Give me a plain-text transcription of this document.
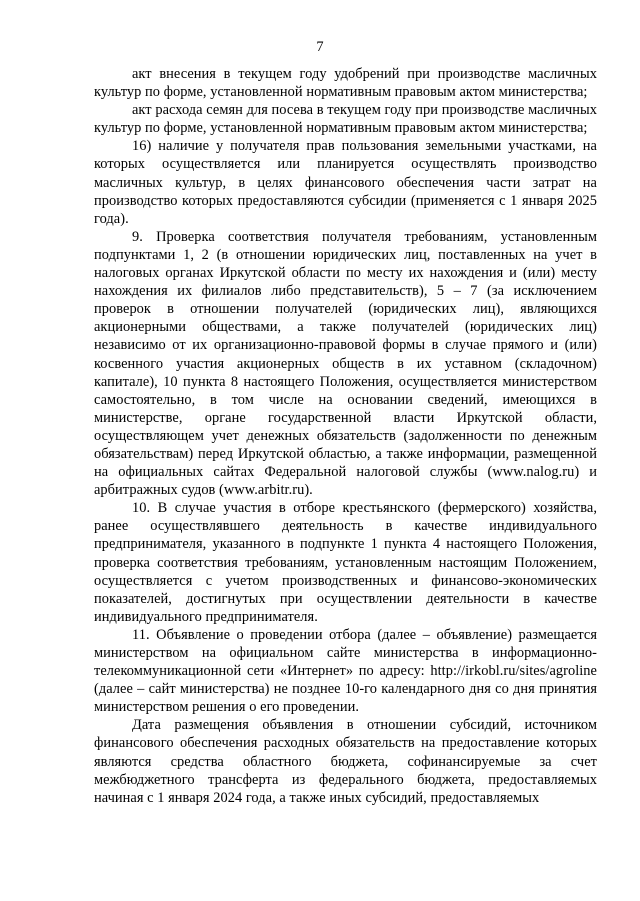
7

акт внесения в текущем году удобрений при производстве масличных культур по форме, установленной нормативным правовым актом министерства;

акт расхода семян для посева в текущем году при производстве масличных культур по форме, установленной нормативным правовым актом министерства;

16) наличие у получателя прав пользования земельными участками, на которых осуществляется или планируется осуществлять производство масличных культур, в целях финансового обеспечения части затрат на производство которых предоставляются субсидии (применяется с 1 января 2025 года).

9. Проверка соответствия получателя требованиям, установленным подпунктами 1, 2 (в отношении юридических лиц, поставленных на учет в налоговых органах Иркутской области по месту их нахождения и (или) месту нахождения их филиалов либо представительств), 5 – 7 (за исключением проверок в отношении получателей (юридических лиц), являющихся акционерными обществами, а также получателей (юридических лиц) независимо от их организационно-правовой формы в случае прямого и (или) косвенного участия акционерных обществ в их уставном (складочном) капитале), 10 пункта 8 настоящего Положения, осуществляется министерством самостоятельно, в том числе на основании сведений, имеющихся в министерстве, органе государственной власти Иркутской области, осуществляющем учет денежных обязательств (задолженности по денежным обязательствам) перед Иркутской областью, а также информации, размещенной на официальных сайтах Федеральной налоговой службы (www.nalog.ru) и арбитражных судов (www.arbitr.ru).

10. В случае участия в отборе крестьянского (фермерского) хозяйства, ранее осуществлявшего деятельность в качестве индивидуального предпринимателя, указанного в подпункте 1 пункта 4 настоящего Положения, проверка соответствия требованиям, установленным настоящим Положением, осуществляется с учетом производственных и финансово-экономических показателей, достигнутых при осуществлении деятельности в качестве индивидуального предпринимателя.

11. Объявление о проведении отбора (далее – объявление) размещается министерством на официальном сайте министерства в информационно-телекоммуникационной сети «Интернет» по адресу: http://irkobl.ru/sites/agroline (далее – сайт министерства) не позднее 10-го календарного дня со дня принятия министерством решения о его проведении.

Дата размещения объявления в отношении субсидий, источником финансового обеспечения расходных обязательств на предоставление которых являются средства областного бюджета, софинансируемые за счет межбюджетного трансферта из федерального бюджета, предоставляемых начиная с 1 января 2024 года, а также иных субсидий, предоставляемых
